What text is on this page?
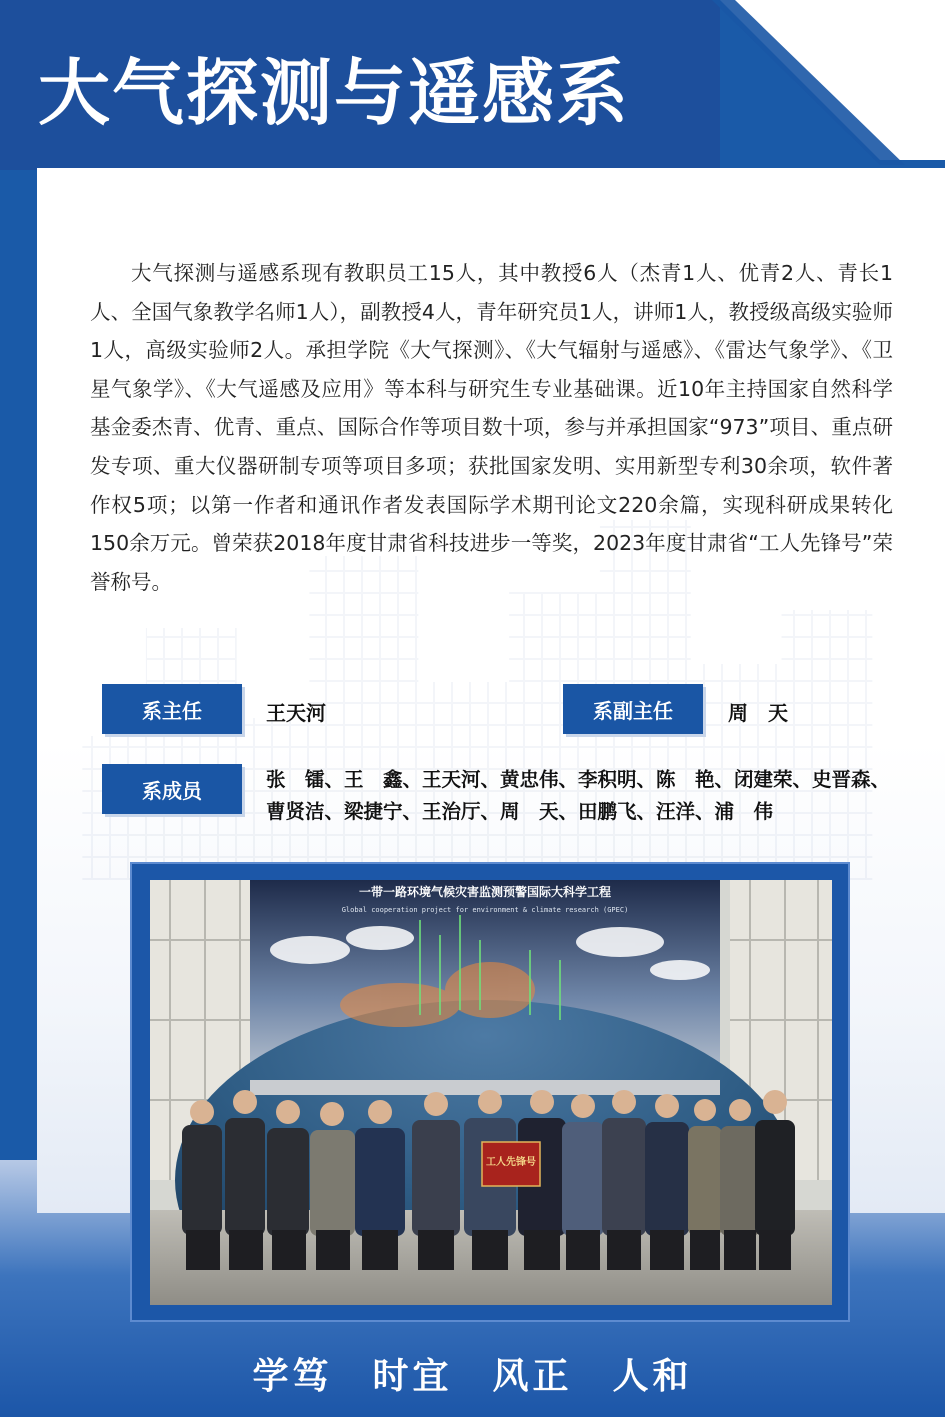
大气探测与遥感系

大气探测与遥感系现有教职员工15人，其中教授6人（杰青1人、优青2人、青长1人、全国气象教学名师1人），副教授4人，青年研究员1人，讲师1人，教授级高级实验师1人，高级实验师2人。承担学院《大气探测》、《大气辐射与遥感》、《雷达气象学》、《卫星气象学》、《大气遥感及应用》等本科与研究生专业基础课。近10年主持国家自然科学基金委杰青、优青、重点、国际合作等项目数十项，参与并承担国家“973”项目、重点研发专项、重大仪器研制专项等项目多项；获批国家发明、实用新型专利30余项，软件著作权5项；以第一作者和通讯作者发表国际学术期刊论文220余篇，实现科研成果转化150余万元。曾荣获2018年度甘肃省科技进步一等奖，2023年度甘肃省“工人先锋号”荣誉称号。

系主任	王天河	系副主任	周　天
系成员	张　镭、王　鑫、王天河、黄忠伟、李积明、陈　艳、闭建荣、史晋森、
曹贤洁、梁捷宁、王治厅、周　天、田鹏飞、汪洋、浦　伟
一带一路环境气候灾害监测预警国际大科学工程
Global cooperation project for environment & climate research (GPEC)
工人先锋号
学笃　时宜　风正　人和
